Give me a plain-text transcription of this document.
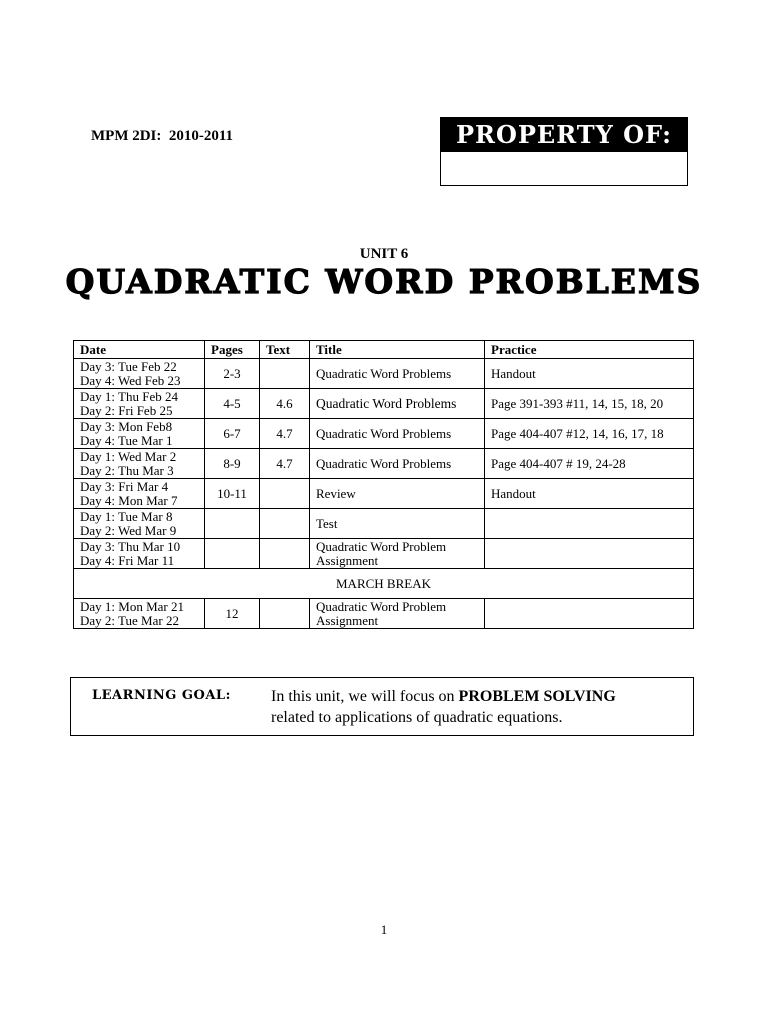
MPM 2DI:  2010-2011	PROPERTY OF:
UNIT 6
QUADRATIC WORD PROBLEMS
Date	Pages	Text	Title	Practice
Day 3: Tue Feb 22
Day 4: Wed Feb 23	2-3		Quadratic Word Problems	Handout
Day 1: Thu Feb 24
Day 2: Fri Feb 25	4-5	4.6	Quadratic Word Problems	Page 391-393 #11, 14, 15, 18, 20
Day 3: Mon Feb8
Day 4: Tue Mar 1	6-7	4.7	Quadratic Word Problems	Page 404-407 #12, 14, 16, 17, 18
Day 1: Wed Mar 2
Day 2: Thu Mar 3	8-9	4.7	Quadratic Word Problems	Page 404-407 # 19, 24-28
Day 3: Fri Mar 4
Day 4: Mon Mar 7	10-11		Review	Handout
Day 1: Tue Mar 8
Day 2: Wed Mar 9			Test	
Day 3: Thu Mar 10
Day 4: Fri Mar 11			Quadratic Word Problem
Assignment	
MARCH BREAK				
Day 1: Mon Mar 21
Day 2: Tue Mar 22	12		Quadratic Word Problem
Assignment	
LEARNING GOAL:	In this unit, we will focus on PROBLEM SOLVING
related to applications of quadratic equations.
1
